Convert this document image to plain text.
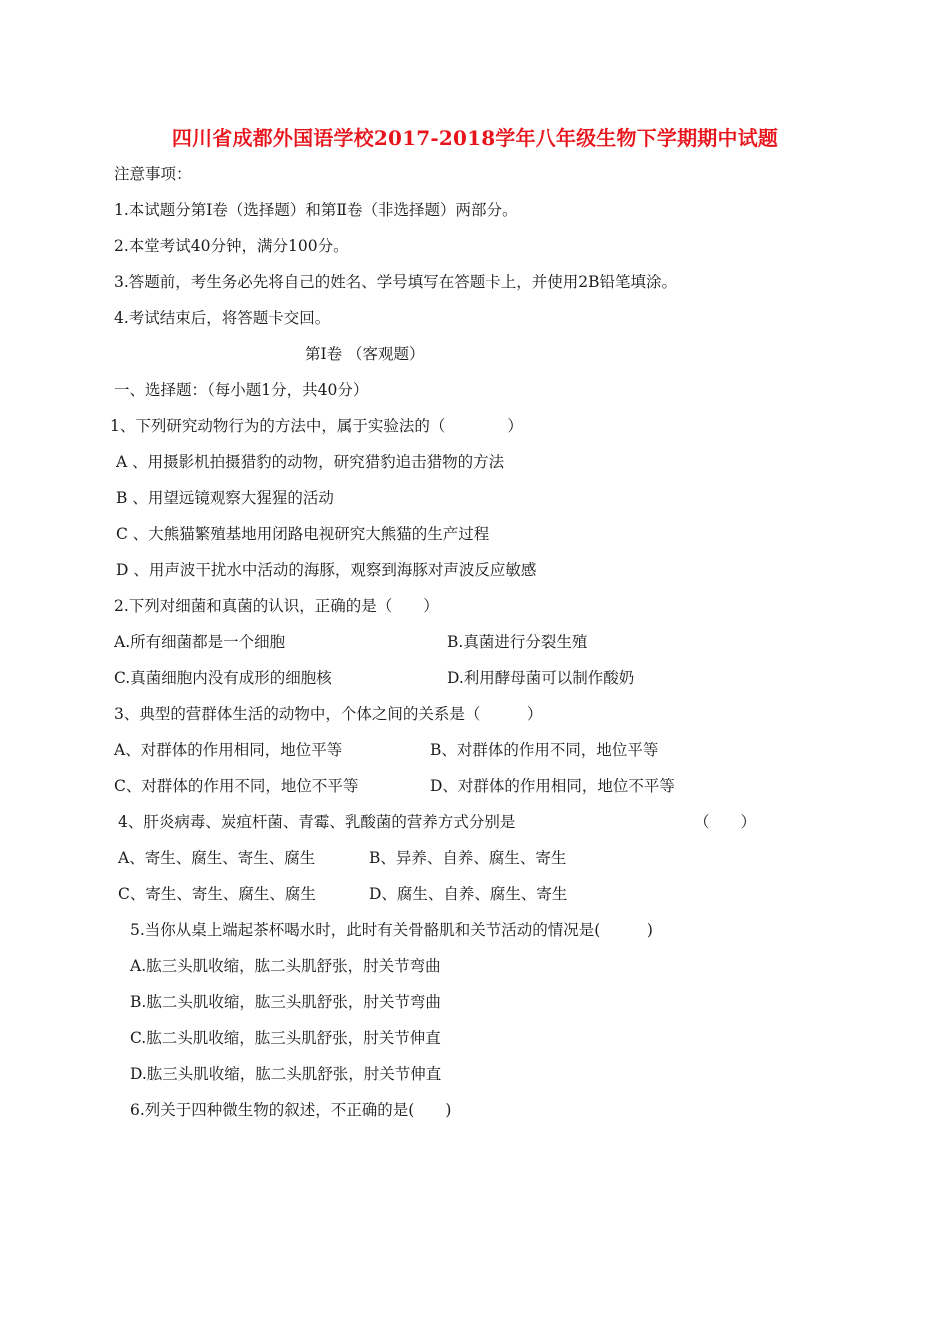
四川省成都外国语学校2017-2018学年八年级生物下学期期中试题
注意事项：
1.本试题分第Ⅰ卷（选择题）和第Ⅱ卷（非选择题）两部分。
2.本堂考试40分钟，满分100分。
3.答题前，考生务必先将自己的姓名、学号填写在答题卡上，并使用2B铅笔填涂。
4.考试结束后，将答题卡交回。
第Ⅰ卷 （客观题）
一、选择题：（每小题1分，共40分）
1、下列研究动物行为的方法中，属于实验法的（　　　　）
A 、用摄影机拍摄猎豹的动物，研究猎豹追击猎物的方法
B 、用望远镜观察大猩猩的活动
C 、大熊猫繁殖基地用闭路电视研究大熊猫的生产过程
D 、用声波干扰水中活动的海豚，观察到海豚对声波反应敏感
2.下列对细菌和真菌的认识，正确的是（　　）
A.所有细菌都是一个细胞	B.真菌进行分裂生殖
C.真菌细胞内没有成形的细胞核	D.利用酵母菌可以制作酸奶
3、典型的营群体生活的动物中，个体之间的关系是（　　　）
A、对群体的作用相同，地位平等	B、对群体的作用不同，地位平等
C、对群体的作用不同，地位不平等	D、对群体的作用相同，地位不平等
4、肝炎病毒、炭疽杆菌、青霉、乳酸菌的营养方式分别是	（　　）
A、寄生、腐生、寄生、腐生	B、异养、自养、腐生、寄生
C、寄生、寄生、腐生、腐生	D、腐生、自养、腐生、寄生
5.当你从桌上端起茶杯喝水时，此时有关骨骼肌和关节活动的情况是(　　　)
A.肱三头肌收缩，肱二头肌舒张，肘关节弯曲
B.肱二头肌收缩，肱三头肌舒张，肘关节弯曲
C.肱二头肌收缩，肱三头肌舒张，肘关节伸直
D.肱三头肌收缩，肱二头肌舒张，肘关节伸直
6.列关于四种微生物的叙述，不正确的是(　　)
